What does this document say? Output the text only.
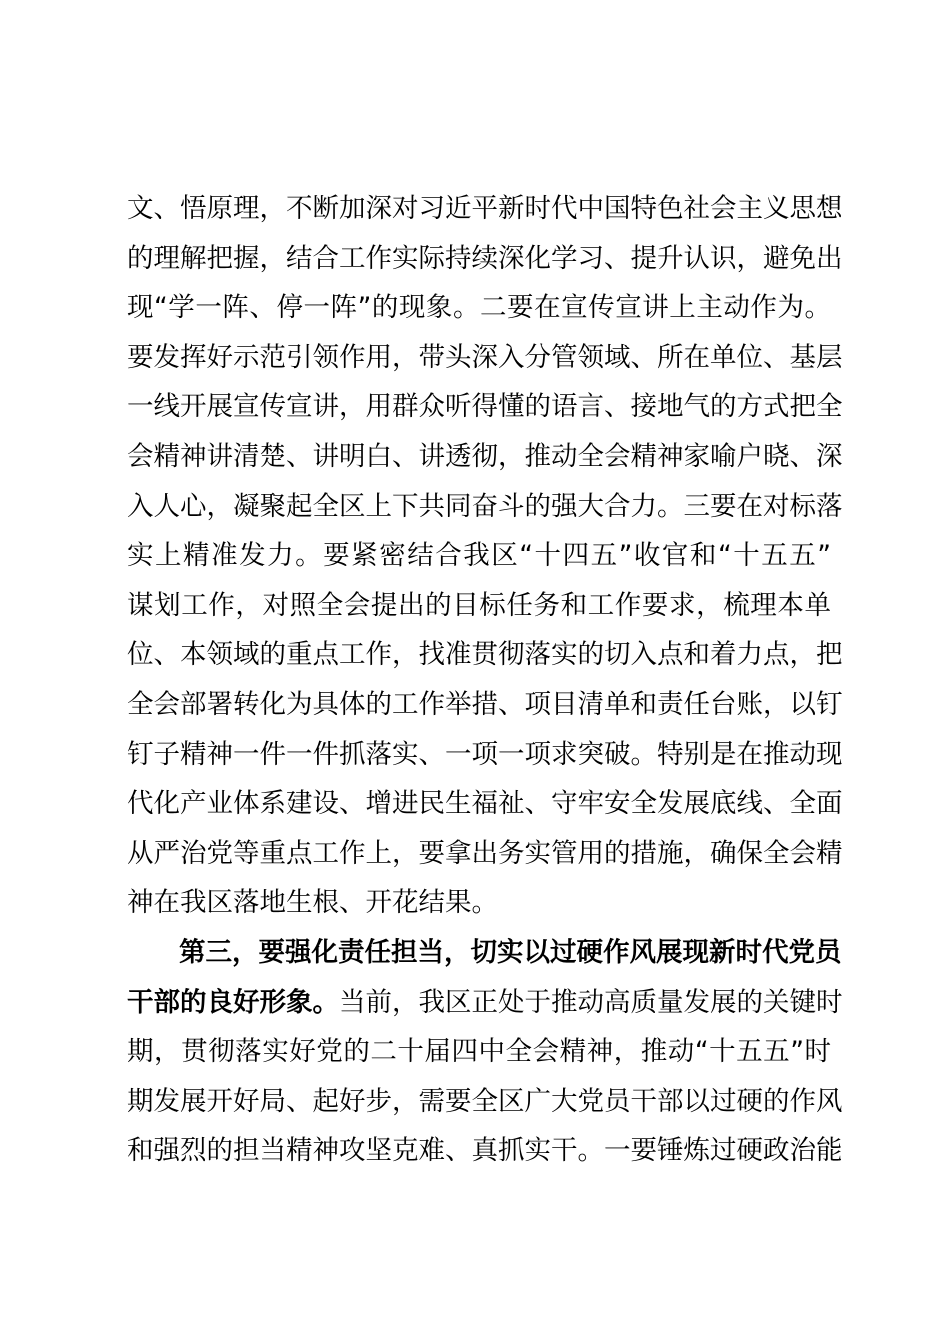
文、悟原理，不断加深对习近平新时代中国特色社会主义思想
的理解把握，结合工作实际持续深化学习、提升认识，避免出
现“学一阵、停一阵”的现象。二要在宣传宣讲上主动作为。
要发挥好示范引领作用，带头深入分管领域、所在单位、基层
一线开展宣传宣讲，用群众听得懂的语言、接地气的方式把全
会精神讲清楚、讲明白、讲透彻，推动全会精神家喻户晓、深
入人心，凝聚起全区上下共同奋斗的强大合力。三要在对标落
实上精准发力。要紧密结合我区“十四五”收官和“十五五”
谋划工作，对照全会提出的目标任务和工作要求，梳理本单
位、本领域的重点工作，找准贯彻落实的切入点和着力点，把
全会部署转化为具体的工作举措、项目清单和责任台账，以钉
钉子精神一件一件抓落实、一项一项求突破。特别是在推动现
代化产业体系建设、增进民生福祉、守牢安全发展底线、全面
从严治党等重点工作上，要拿出务实管用的措施，确保全会精
神在我区落地生根、开花结果。
第三，要强化责任担当，切实以过硬作风展现新时代党员
干部的良好形象。当前，我区正处于推动高质量发展的关键时
期，贯彻落实好党的二十届四中全会精神，推动“十五五”时
期发展开好局、起好步，需要全区广大党员干部以过硬的作风
和强烈的担当精神攻坚克难、真抓实干。一要锤炼过硬政治能
